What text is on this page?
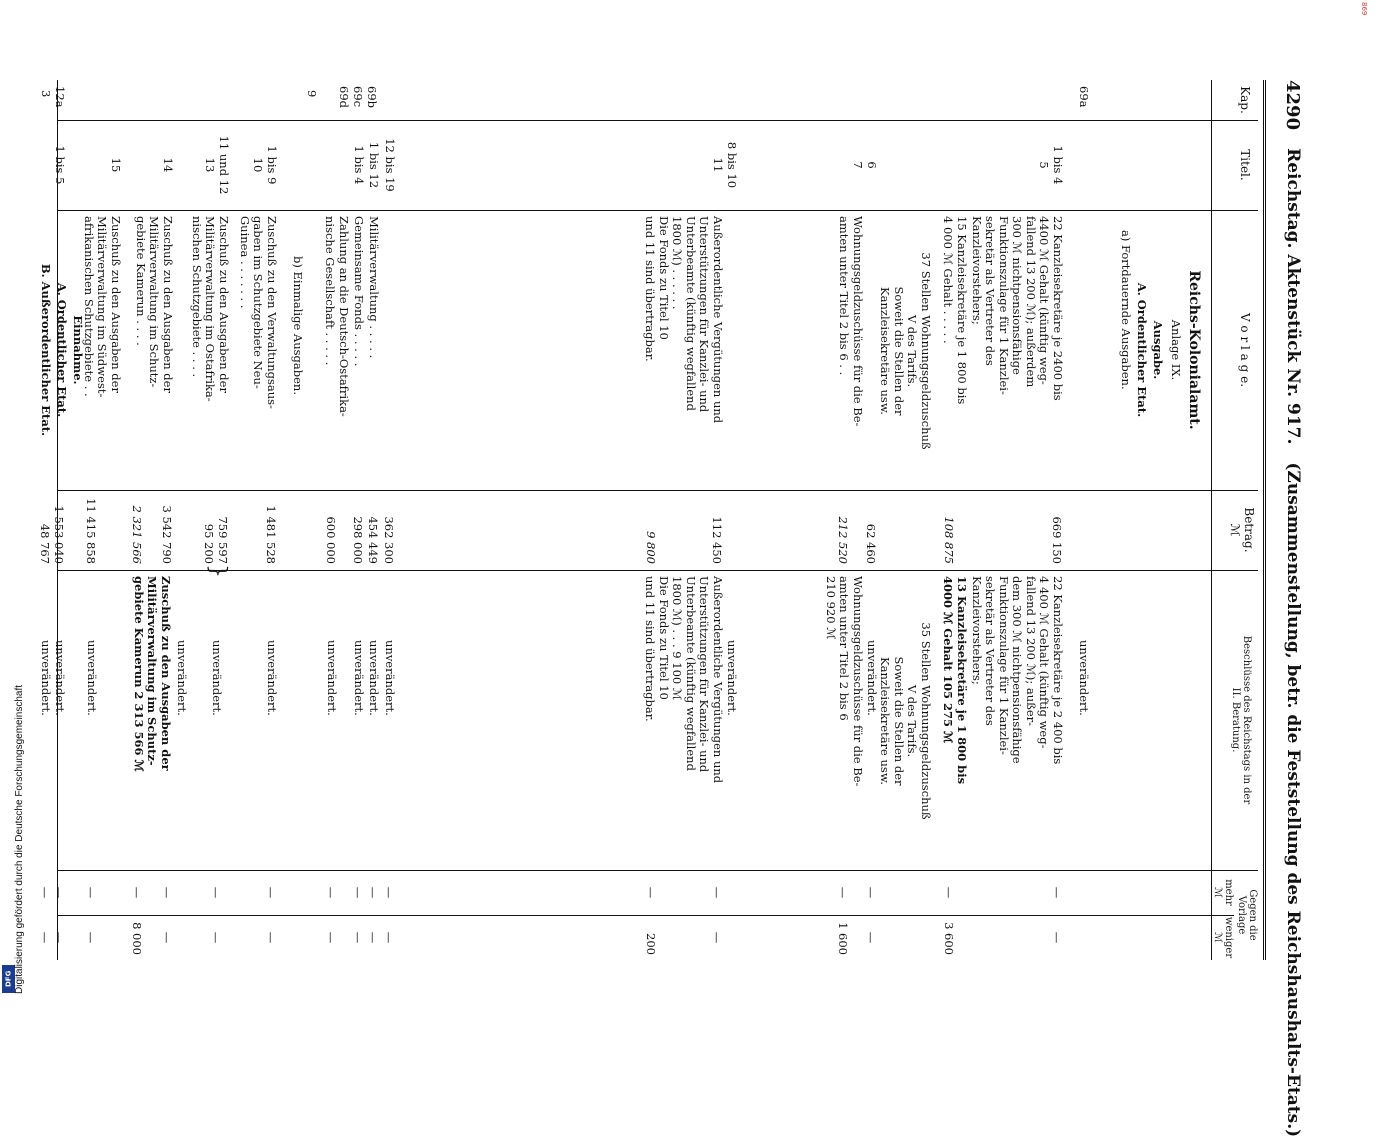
869
DFG Digitalisierung gefördert durch die Deutsche Forschungsgemeinschaft
4290
Reichstag. Aktenstück Nr. 917.
(Zusammenstellung, betr. die Feststellung des Reichshaushalts-Etats.)
Kap.
Titel.
V o r l a g e.
Betrag.
ℳ
Beschlüsse des Reichstags in der
II. Beratung.
Gegen die
Vorlage
mehr
ℳ
weniger
ℳ
69a
69b
69c
69d
9
12a
3
1 bis 4
5
6
7
8 bis 10
11
12 bis 19
1 bis 12
1 bis 4
1 bis 9
10
11 und 12
13
14
15
1 bis 5
Reichs-Kolonialamt.
Anlage IX.
Ausgabe.
A. Ordentlicher Etat.
a) Fortdauernde Ausgaben.
22 Kanzleisekretäre je 2400 bis
4400 ℳ Gehalt (künftig weg-
fallend 13 200 ℳ); außerdem
300 ℳ nichtpensionsfähige
Funktionszulage für 1 Kanzlei-
sekretär als Vertreter des
Kanzleivorstehers;
15 Kanzleisekretäre je 1 800 bis
4 000 ℳ Gehalt . . . . .
37 Stellen Wohnungsgeldzuschuß
V des Tarifs.
Soweit die Stellen der
Kanzleisekretäre usw.
Wohnungsgeldzuschüsse für die Be-
amten unter Titel 2 bis 6 . .
Außerordentliche Vergütungen und
Unterstützungen für Kanzlei- und
Unterbeamte (künftig wegfallend
1800 ℳ) . . . . . .
Die Fonds zu Titel 10
und 11 sind übertragbar.
Militärverwaltung . . . . .
Gemeinsame Fonds . . . . .
Zahlung an die Deutsch-Ostafrika-
nische Gesellschaft . . . . .
b) Einmalige Ausgaben.
Zuschuß zu den Verwaltungsaus-
gaben im Schutzgebiete Neu-
Guinea . . . . . . .
Zuschuß zu den Ausgaben der
Militärverwaltung im Ostafrika-
nischen Schutzgebiete . . . .
Zuschuß zu den Ausgaben der
Militärverwaltung im Schutz-
gebiete Kamerun . . . .
Zuschuß zu den Ausgaben der
Militärverwaltung im Südwest-
afrikanischen Schutzgebiete . .
Einnahme.
A. Ordentlicher Etat.
B. Außerordentlicher Etat.
669 150
108 875
62 460
212 520
112 450
9 800
362 300
454 449
298 000
600 000
1 481 528
759 597
95 200
3 542 790
2 321 566
11 415 858
1 553 040
48 767
}
unverändert.
22 Kanzleisekretäre je 2 400 bis
4 400 ℳ Gehalt (künftig weg-
fallend 13 200 ℳ); außer-
dem 300 ℳ nichtpensionsfähige
Funktionszulage für 1 Kanzlei-
sekretär als Vertreter des
Kanzleivorstehers;
13 Kanzleisekretäre je 1 800 bis
4000 ℳ Gehalt 105 275 ℳ
35 Stellen Wohnungsgeldzuschuß
V des Tarifs.
Soweit die Stellen der
Kanzleisekretäre usw.
unverändert.
Wohnungsgeldzuschüsse für die Be-
amten unter Titel 2 bis 6
210 920 ℳ
unverändert.
Außerordentliche Vergütungen und
Unterstützungen für Kanzlei- und
Unterbeamte (künftig wegfallend
1800 ℳ) . . . 9 100 ℳ
Die Fonds zu Titel 10
und 11 sind übertragbar.
unverändert.
unverändert.
unverändert.
unverändert.
unverändert.
unverändert.
unverändert.
Zuschuß zu den Ausgaben der
Militärverwaltung im Schutz-
gebiete Kamerun 2 313 566 ℳ
unverändert.
unverändert.
unverändert.
—
—
—
—
—
—
—
—
—
—
—
—
—
—
—
—
—
—
3 600
—
1 600
—
200
—
—
—
—
—
—
—
8 000
—
—
—
